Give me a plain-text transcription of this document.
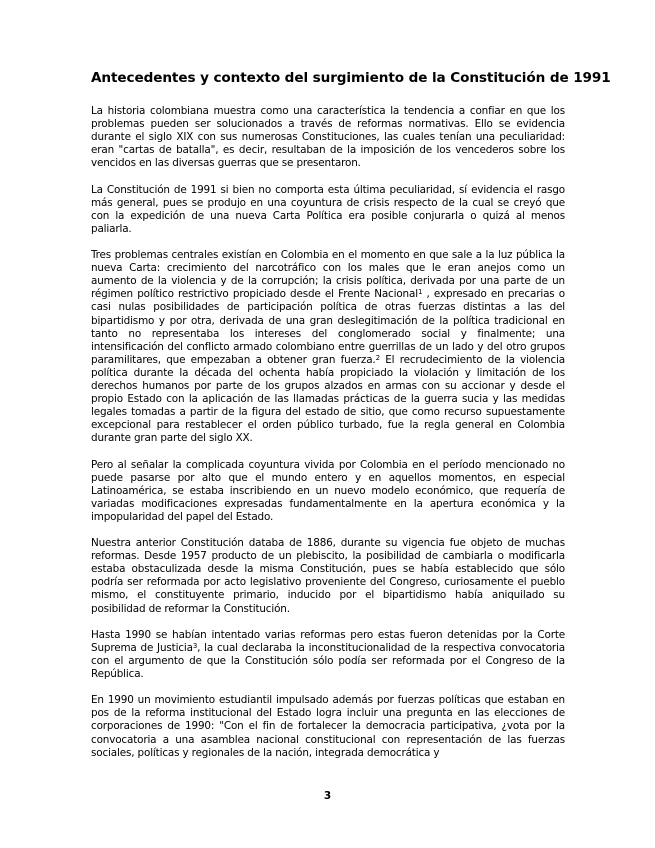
Antecedentes y contexto del surgimiento de la Constitución de 1991

La historia colombiana muestra como una característica la tendencia a confiar en que los problemas pueden ser solucionados a través de reformas normativas. Ello se evidencia durante el siglo XIX con sus numerosas Constituciones, las cuales tenían una peculiaridad: eran "cartas de batalla", es decir, resultaban de la imposición de los vencederos sobre los vencidos en las diversas guerras que se presentaron.

La Constitución de 1991 si bien no comporta esta última peculiaridad, sí evidencia el rasgo más general, pues se produjo en una coyuntura de crisis respecto de la cual se creyó que con la expedición de una nueva Carta Política era posible conjurarla o quizá al menos paliarla.

Tres problemas centrales existían en Colombia en el momento en que sale a la luz pública la nueva Carta: crecimiento del narcotráfico con los males que le eran anejos como un aumento de la violencia y de la corrupción; la crisis política, derivada por una parte de un régimen político restrictivo propiciado desde el Frente Nacional$^1$ , expresado en precarias o casi nulas posibilidades de participación política de otras fuerzas distintas a las del bipartidismo y por otra, derivada de una gran deslegitimación de la política tradicional en tanto no representaba los intereses del conglomerado social y finalmente; una intensificación del conflicto armado colombiano entre guerrillas de un lado y del otro grupos paramilitares, que empezaban a obtener gran fuerza.$^2$ El recrudecimiento de la violencia política durante la década del ochenta había propiciado la violación y limitación de los derechos humanos por parte de los grupos alzados en armas con su accionar y desde el propio Estado con la aplicación de las llamadas prácticas de la guerra sucia y las medidas legales tomadas a partir de la figura del estado de sitio, que como recurso supuestamente excepcional para restablecer el orden público turbado, fue la regla general en Colombia durante gran parte del siglo XX.

Pero al señalar la complicada coyuntura vivida por Colombia en el período mencionado no puede pasarse por alto que el mundo entero y en aquellos momentos, en especial Latinoamérica, se estaba inscribiendo en un nuevo modelo económico, que requería de variadas modificaciones expresadas fundamentalmente en la apertura económica y la impopularidad del papel del Estado.

Nuestra anterior Constitución databa de 1886, durante su vigencia fue objeto de muchas reformas. Desde 1957 producto de un plebiscito, la posibilidad de cambiarla o modificarla estaba obstaculizada desde la misma Constitución, pues se había establecido que sólo podría ser reformada por acto legislativo proveniente del Congreso, curiosamente el pueblo mismo, el constituyente primario, inducido por el bipartidismo había aniquilado su posibilidad de reformar la Constitución.

Hasta 1990 se habían intentado varias reformas pero estas fueron detenidas por la Corte Suprema de Justicia$^3$, la cual declaraba la inconstitucionalidad de la respectiva convocatoria con el argumento de que la Constitución sólo podía ser reformada por el Congreso de la República.

En 1990 un movimiento estudiantil impulsado además por fuerzas políticas que estaban en pos de la reforma institucional del Estado logra incluir una pregunta en las elecciones de corporaciones de 1990: "Con el fin de fortalecer la democracia participativa, ¿vota por la convocatoria a una asamblea nacional constitucional con representación de las fuerzas sociales, políticas y regionales de la nación, integrada democrática y

3
